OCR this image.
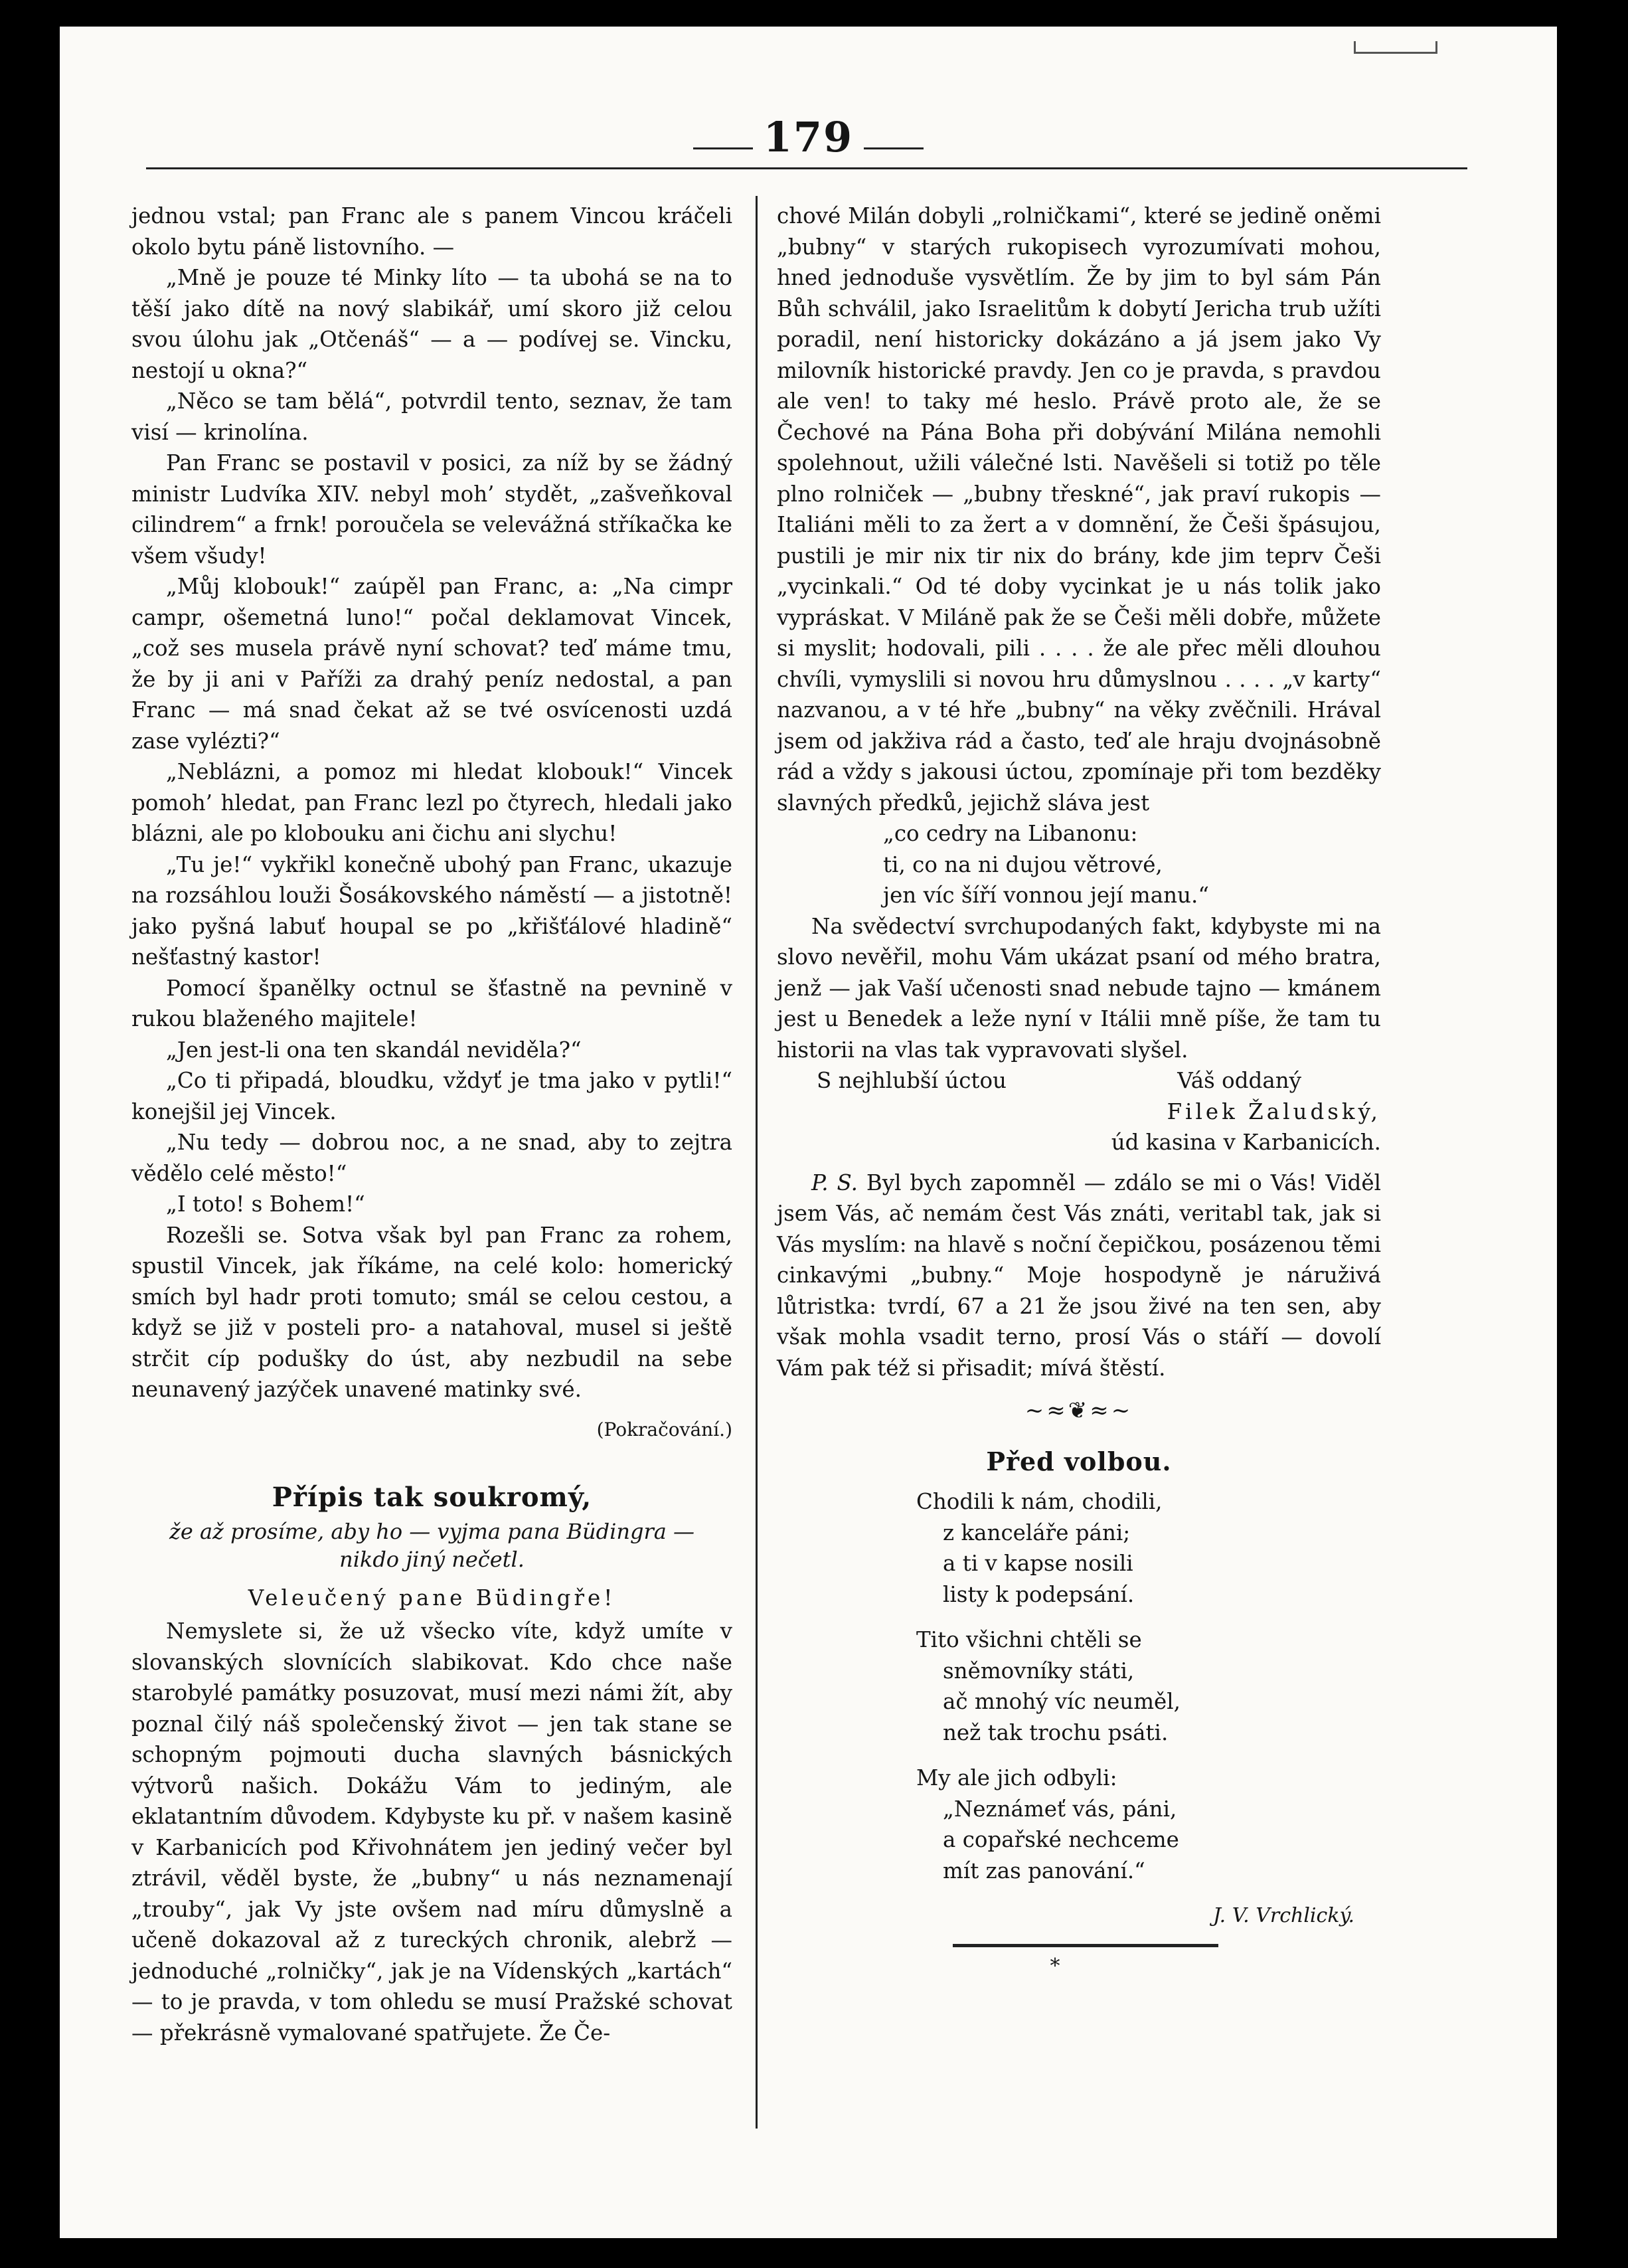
179

jednou vstal; pan Franc ale s panem Vincou kráčeli okolo bytu páně listovního. —

„Mně je pouze té Minky líto — ta ubohá se na to těší jako dítě na nový slabikář, umí skoro již celou svou úlohu jak „Otčenáš“ — a — podívej se. Vincku, nestojí u okna?“

„Něco se tam bělá“, potvrdil tento, seznav, že tam visí — krinolína.

Pan Franc se postavil v posici, za níž by se žádný ministr Ludvíka XIV. nebyl moh’ stydět, „zašveňkoval cilindrem“ a frnk! poroučela se velevážná stříkačka ke všem všudy!

„Můj klobouk!“ zaúpěl pan Franc, a: „Na cimpr campr, ošemetná luno!“ počal deklamovat Vincek, „což ses musela právě nyní schovat? teď máme tmu, že by ji ani v Paříži za drahý peníz nedostal, a pan Franc — má snad čekat až se tvé osvícenosti uzdá zase vylézti?“

„Neblázni, a pomoz mi hledat klobouk!“ Vincek pomoh’ hledat, pan Franc lezl po čtyrech, hledali jako blázni, ale po klobouku ani čichu ani slychu!

„Tu je!“ vykřikl konečně ubohý pan Franc, ukazuje na rozsáhlou louži Šosákovského náměstí — a jistotně! jako pyšná labuť houpal se po „křišťálové hladině“ nešťastný kastor!

Pomocí španělky octnul se šťastně na pevnině v rukou blaženého majitele!

„Jen jest-li ona ten skandál neviděla?“

„Co ti připadá, bloudku, vždyť je tma jako v pytli!“ konejšil jej Vincek.

„Nu tedy — dobrou noc, a ne snad, aby to zejtra vědělo celé město!“

„I toto! s Bohem!“

Rozešli se. Sotva však byl pan Franc za rohem, spustil Vincek, jak říkáme, na celé kolo: homerický smích byl hadr proti tomuto; smál se celou cestou, a když se již v posteli pro- a natahoval, musel si ještě strčit cíp podušky do úst, aby nezbudil na sebe neunavený jazýček unavené matinky své.

(Pokračování.)
Přípis tak soukromý,
že až prosíme, aby ho — vyjma pana Büdingra —
nikdo jiný nečetl.
Veleučený pane Büdingře!

Nemyslete si, že už všecko víte, když umíte v slovanských slovnících slabikovat. Kdo chce naše starobylé památky posuzovat, musí mezi námi žít, aby poznal čilý náš společenský život — jen tak stane se schopným pojmouti ducha slavných básnických výtvorů našich. Dokážu Vám to jediným, ale eklatantním důvodem. Kdybyste ku př. v našem kasině v Karbanicích pod Křivohnátem jen jediný večer byl ztrávil, věděl byste, že „bubny“ u nás neznamenají „trouby“, jak Vy jste ovšem nad míru důmyslně a učeně dokazoval až z tureckých chronik, alebrž — jednoduché „rolničky“, jak je na Vídenských „kartách“ — to je pravda, v tom ohledu se musí Pražské schovat — překrásně vymalované spatřujete. Že Če-

chové Milán dobyli „rolničkami“, které se jedině oněmi „bubny“ v starých rukopisech vyrozumívati mohou, hned jednoduše vysvětlím. Že by jim to byl sám Pán Bůh schválil, jako Israelitům k dobytí Jericha trub užíti poradil, není historicky dokázáno a já jsem jako Vy milovník historické pravdy. Jen co je pravda, s pravdou ale ven! to taky mé heslo. Právě proto ale, že se Čechové na Pána Boha při dobývání Milána nemohli spolehnout, užili válečné lsti. Navěšeli si totiž po těle plno rolniček — „bubny třeskné“, jak praví rukopis — Italiáni měli to za žert a v domnění, že Češi špásujou, pustili je mir nix tir nix do brány, kde jim teprv Češi „vycinkali.“ Od té doby vycinkat je u nás tolik jako vypráskat. V Miláně pak že se Češi měli dobře, můžete si myslit; hodovali, pili . . . . že ale přec měli dlouhou chvíli, vymyslili si novou hru důmyslnou . . . . „v karty“ nazvanou, a v té hře „bubny“ na věky zvěčnili. Hrával jsem od jakživa rád a často, teď ale hraju dvojnásobně rád a vždy s jakousi úctou, zpomínaje při tom bezděky slavných předků, jejichž sláva jest

„co cedry na Libanonu:
ti, co na ni dujou větrové,
jen víc šíří vonnou její manu.“

Na svědectví svrchupodaných fakt, kdybyste mi na slovo nevěřil, mohu Vám ukázat psaní od mého bratra, jenž — jak Vaší učenosti snad nebude tajno — kmánem jest u Benedek a leže nyní v Itálii mně píše, že tam tu historii na vlas tak vypravovati slyšel.

S nejhlubší úctou	Váš oddaný
Filek Žaludský,
úd kasina v Karbanicích.

P. S. Byl bych zapomněl — zdálo se mi o Vás! Viděl jsem Vás, ač nemám čest Vás znáti, veritabl tak, jak si Vás myslím: na hlavě s noční čepičkou, posázenou těmi cinkavými „bubny.“ Moje hospodyně je náruživá lůtristka: tvrdí, 67 a 21 že jsou živé na ten sen, aby však mohla vsadit terno, prosí Vás o stáří — dovolí Vám pak též si přisadit; mívá štěstí.

~≈❦≈~
Před volbou.
Chodili k nám, chodili,
z kanceláře páni;
a ti v kapse nosili
listy k podepsání.
Tito všichni chtěli se
sněmovníky státi,
ač mnohý víc neuměl,
než tak trochu psáti.
My ale jich odbyli:
„Neznámeť vás, páni,
a copařské nechceme
mít zas panování.“
J. V. Vrchlický.
*
